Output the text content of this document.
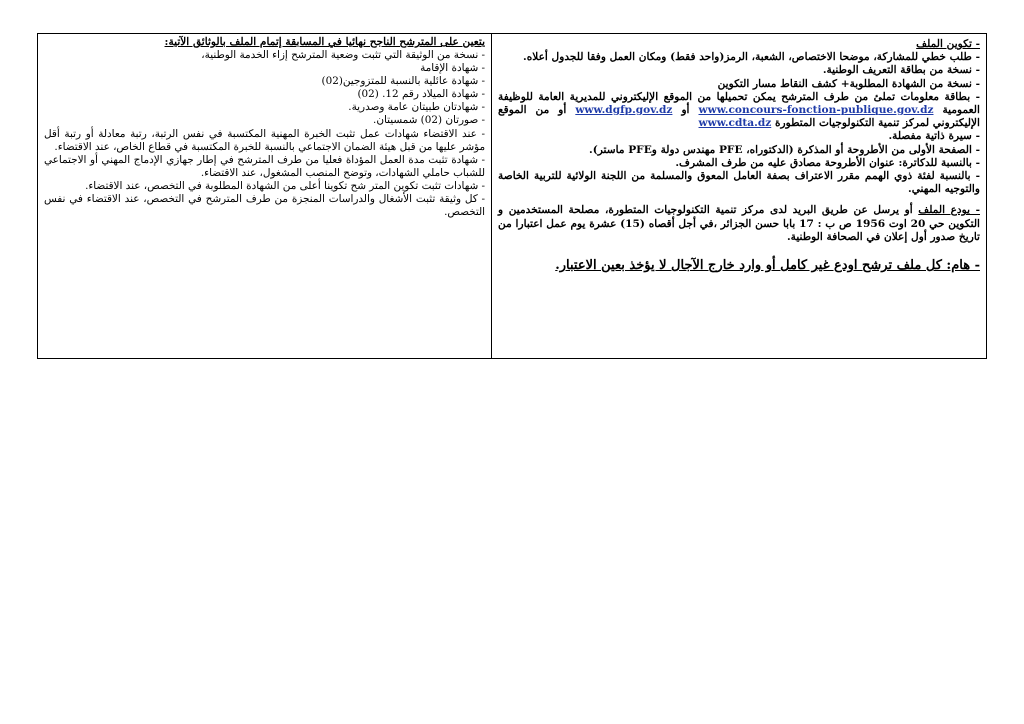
- تكوين الملف

- طلب خطي للمشاركة، موضحا الاختصاص، الشعبة، الرمز(واحد فقط) ومكان العمل وفقا للجدول أعلاه.

- نسخة من بطاقة التعريف الوطنية.

- نسخة من الشهادة المطلوبة+ كشف النقاط مسار التكوين

- بطاقة معلومات تملئ من طرف المترشح يمكن تحميلها من الموقع الإليكتروني للمديرية العامة للوظيفة العمومية www.concours-fonction-publique.gov.dz أو www.dgfp.gov.dz أو من الموقع الإليكتروني لمركز تنمية التكنولوجيات المتطورة www.cdta.dz

- سيرة ذاتية مفصلة.

- الصفحة الأولى من الأطروحة أو المذكرة (الدكتوراه، PFE مهندس دولة وPFE ماستر).

- بالنسبة للدكاترة: عنوان الأطروحة مصادق عليه من طرف المشرف.

- بالنسبة لفئة ذوي الهمم مقرر الاعتراف بصفة العامل المعوق والمسلمة من اللجنة الولائية للتربية الخاصة والتوجيه المهني.

- يودع الملف أو يرسل عن طريق البريد لدى مركز تنمية التكنولوجيات المتطورة، مصلحة المستخدمين و التكوين حي 20 اوت 1956 ص ب : 17 بابا حسن الجزائر ،في أجل أقصاه (15) عشرة يوم عمل اعتبارا من تاريخ صدور أول إعلان في الصحافة الوطنية.

- هام: كل ملف ترشح اودع غير كامل أو وارد خارج الآجال لا يؤخذ بعين الاعتبار.

يتعين على المترشح الناجح نهائيا في المسابقة إتمام الملف بالوثائق الآتية:

- نسخة من الوثيقة التي تثبت وضعية المترشح إزاء الخدمة الوطنية،

- شهادة الإقامة

- شهادة عائلية بالنسبة للمتزوجين(02)

- شهادة الميلاد رقم 12. (02)

- شهادتان طبيتان عامة وصدرية.

- صورتان (02) شمسيتان.

- عند الاقتضاء شهادات عمل تثبت الخبرة المهنية المكتسبة في نفس الرتبة، رتبة معادلة أو رتبة أقل مؤشر عليها من قبل هيئة الضمان الاجتماعي بالنسبة للخبرة المكتسبة في قطاع الخاص، عند الاقتضاء.

- شهادة تثبت مدة العمل المؤداة فعليا من طرف المترشح في إطار جهازي الإدماج المهني أو الاجتماعي للشباب حاملي الشهادات، وتوضح المنصب المشغول، عند الاقتضاء.

- شهادات تثبت تكوين المتر شح تكوينا أعلى من الشهادة المطلوبة في التخصص، عند الاقتضاء.

- كل وثيقة تثبت الأشغال والدراسات المنجزة من طرف المترشح في التخصص، عند الاقتضاء في نفس التخصص.
